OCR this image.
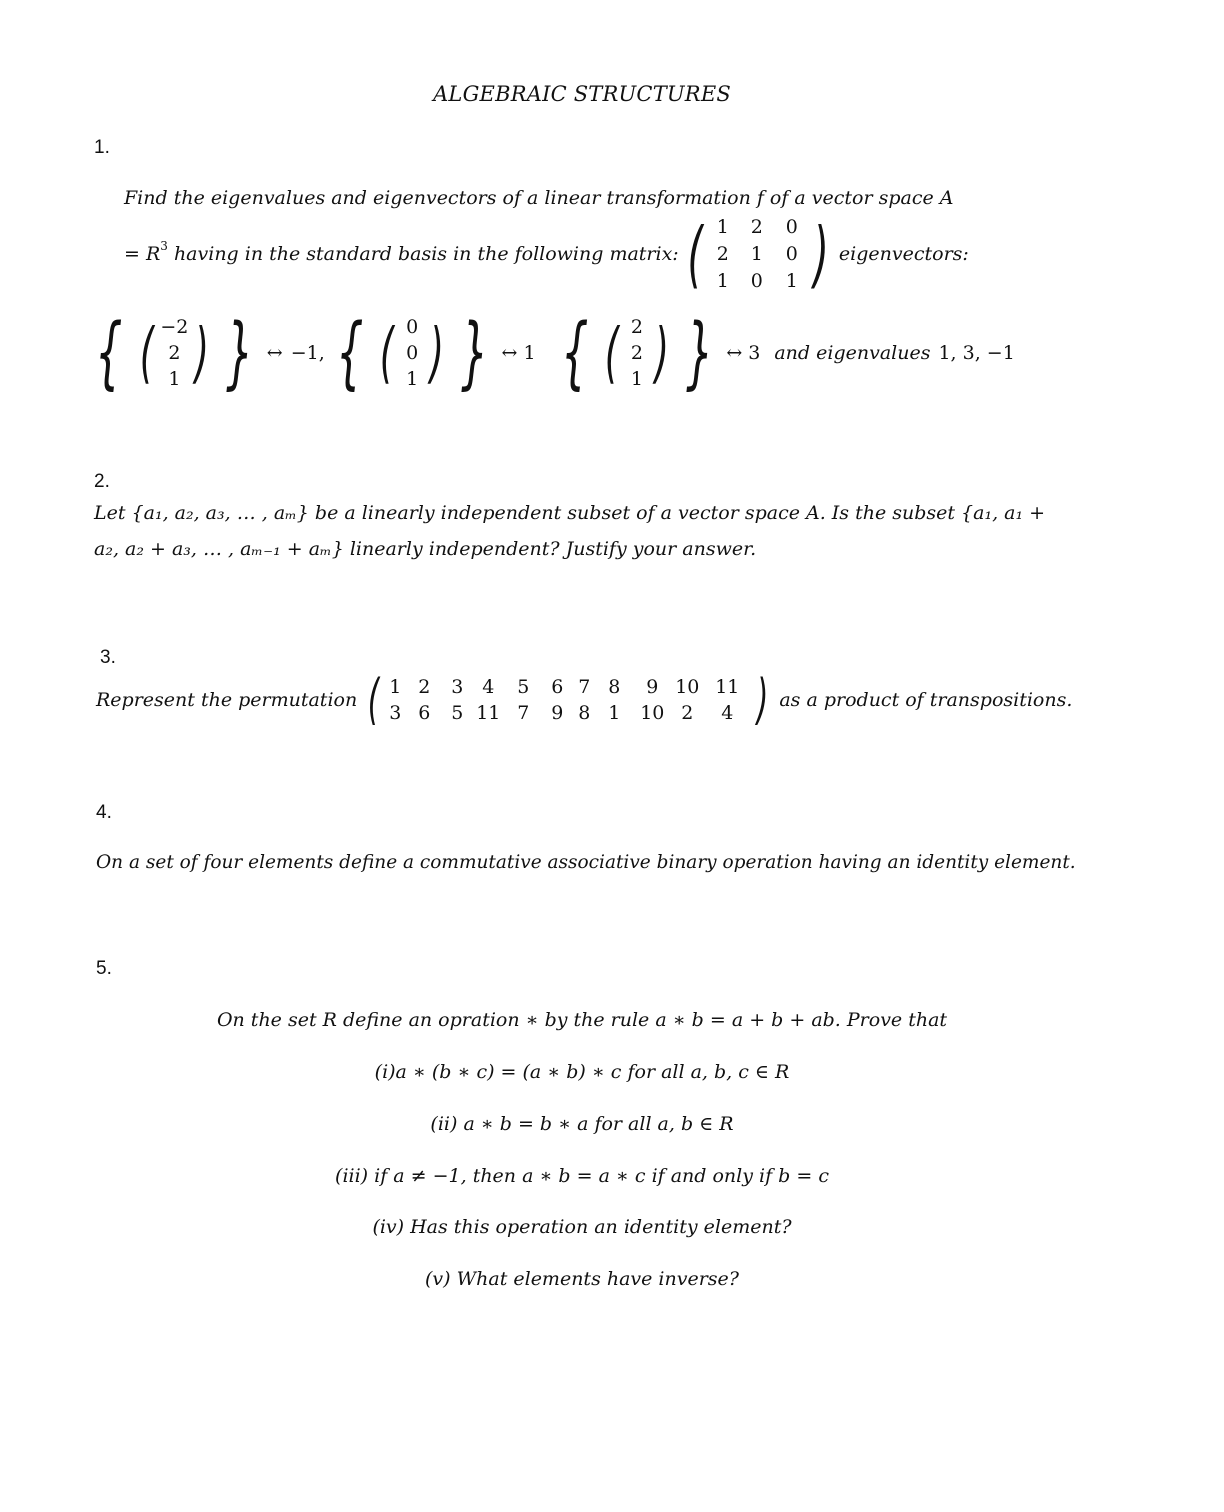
ALGEBRAIC STRUCTURES
1.
Find the eigenvalues and eigenvectors of a linear transformation f of a vector space A
= $R^3$ having in the standard basis in the following matrix: ( 1	2	0
2	1	0
1	0	1 ) eigenvectors:
{ ( −2
2
1 ) } ↔ −1, { ( 0
0
1 ) } ↔ 1 { ( 2
2
1 ) } ↔ 3 and eigenvalues 1, 3, −1
2.
Let {a₁, a₂, a₃, … , aₘ} be a linearly independent subset of a vector space A. Is the subset {a₁, a₁ +
a₂, a₂ + a₃, … , aₘ₋₁ + aₘ} linearly independent? Justify your answer.
3.
Represent the permutation ( 1 2	3 4	5	6 7 8	9 10 11
3 6	5 11 7	9 8 1	10 2	4 ) as a product of transpositions.
4.
On a set of four elements define a commutative associative binary operation having an identity element.
5.
On the set R define an opration ∗ by the rule a ∗ b = a + b + ab. Prove that
(i)a ∗ (b ∗ c) = (a ∗ b) ∗ c for all a, b, c ∈ R
(ii) a ∗ b = b ∗ a for all a, b ∈ R
(iii) if a ≠ −1, then a ∗ b = a ∗ c if and only if b = c
(iv) Has this operation an identity element?
(v) What elements have inverse?
